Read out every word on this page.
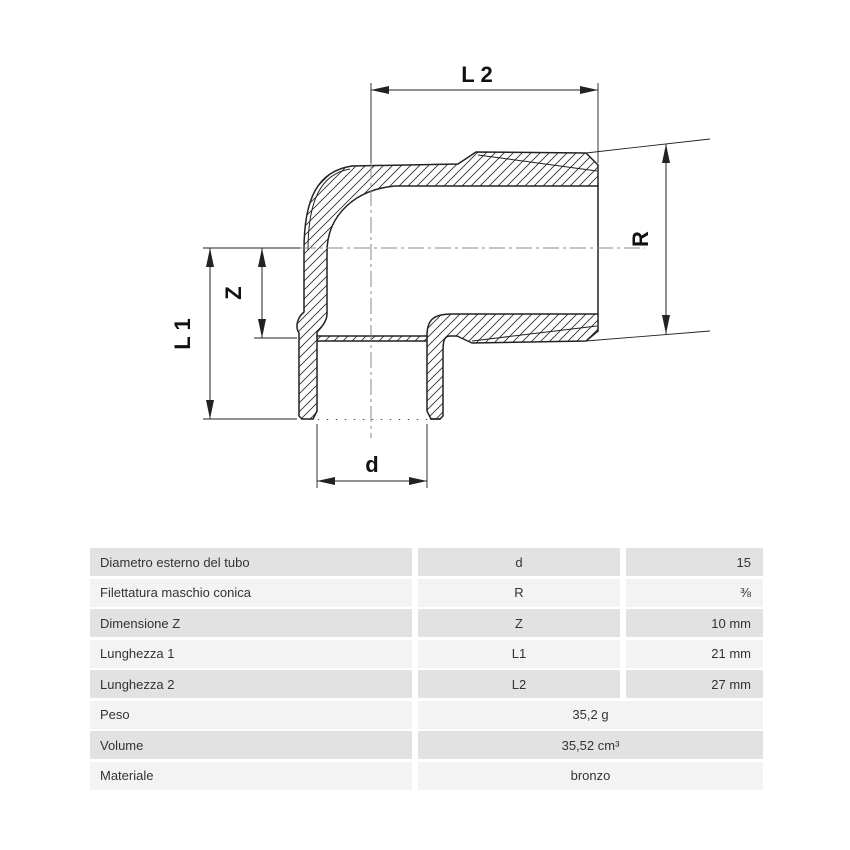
L 2
R
Z
L 1
d
Diametro esterno del tubo	d	15
Filettatura maschio conica	R	⅜
Dimensione Z	Z	10 mm
Lunghezza 1	L1	21 mm
Lunghezza 2	L2	27 mm
Peso	35,2 g
Volume	35,52 cm³
Materiale	bronzo
